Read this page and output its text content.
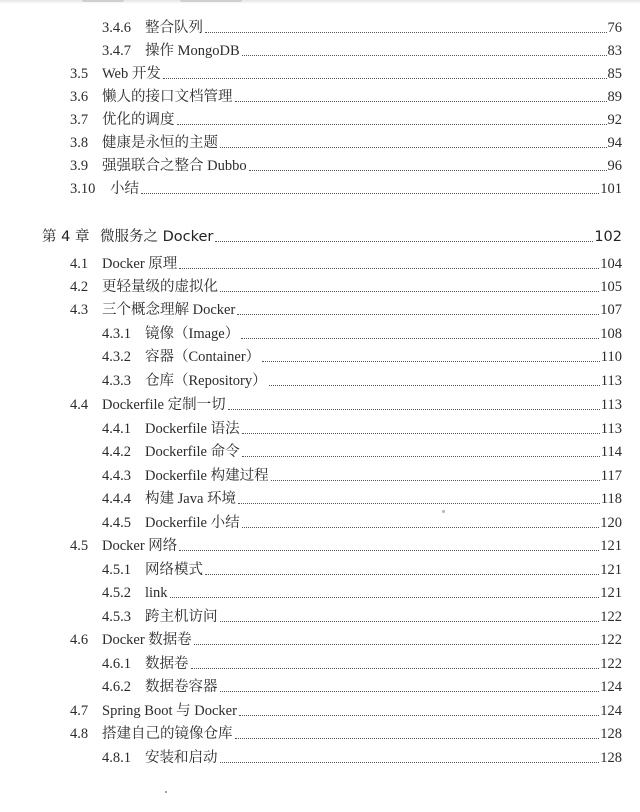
3.4.6 整合队列	76
3.4.7 操作 MongoDB	83
3.5 Web 开发	85
3.6 懒人的接口文档管理	89
3.7 优化的调度	92
3.8 健康是永恒的主题	94
3.9 强强联合之整合 Dubbo	96
3.10 小结	101
第 4 章 微服务之 Docker	102
4.1 Docker 原理	104
4.2 更轻量级的虚拟化	105
4.3 三个概念理解 Docker	107
4.3.1 镜像（Image）	108
4.3.2 容器（Container）	110
4.3.3 仓库（Repository）	113
4.4 Dockerfile 定制一切	113
4.4.1 Dockerfile 语法	113
4.4.2 Dockerfile 命令	114
4.4.3 Dockerfile 构建过程	117
4.4.4 构建 Java 环境	118
4.4.5 Dockerfile 小结	120
4.5 Docker 网络	121
4.5.1 网络模式	121
4.5.2 link	121
4.5.3 跨主机访问	122
4.6 Docker 数据卷	122
4.6.1 数据卷	122
4.6.2 数据卷容器	124
4.7 Spring Boot 与 Docker	124
4.8 搭建自己的镜像仓库	128
4.8.1 安装和启动	128
